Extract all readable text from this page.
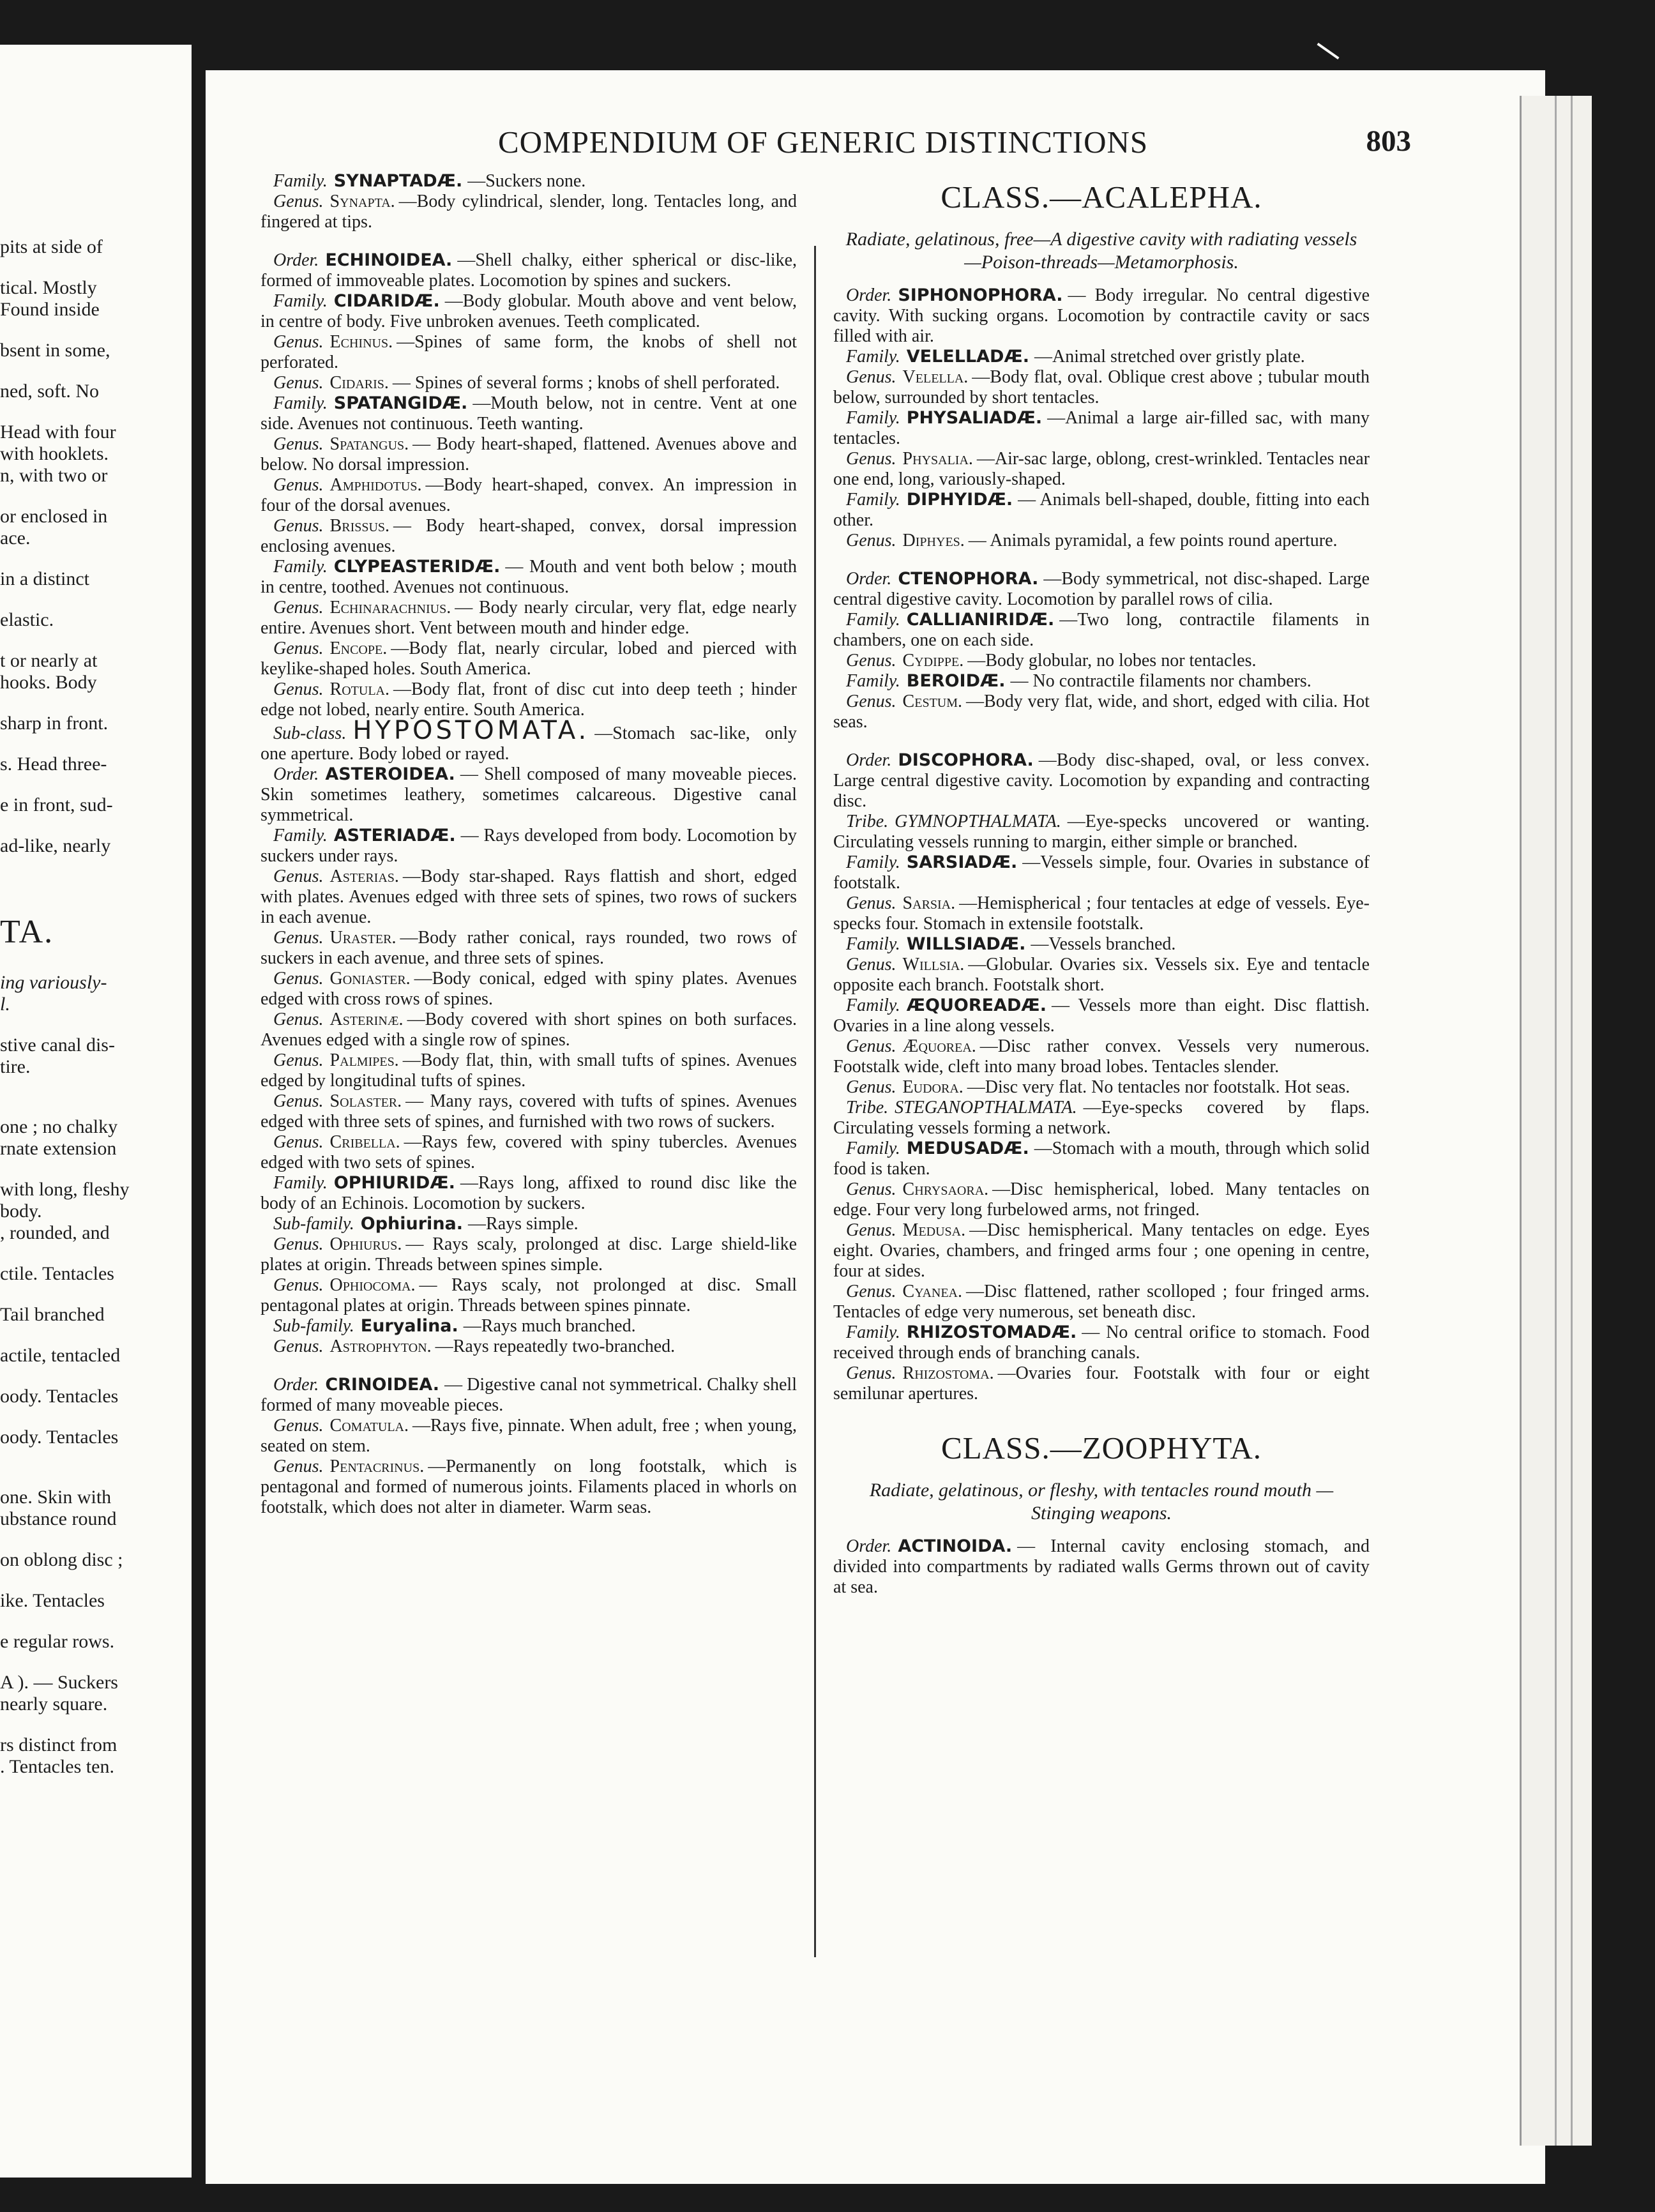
pits at side of
tical. Mostly
Found inside
bsent in some,
ned, soft. No
Head with four
with hooklets.
n, with two or
or enclosed in
ace.
in a distinct
elastic.
t or nearly at
hooks. Body
sharp in front.
s. Head three-
e in front, sud-
ad-like, nearly
TA.
ing variously-
l.
stive canal dis-
tire.
one ; no chalky
rnate extension
with long, fleshy
body.
, rounded, and
ctile. Tentacles
Tail branched
actile, tentacled
oody. Tentacles
oody. Tentacles
one. Skin with
ubstance round
on oblong disc ;
ike. Tentacles
e regular rows.
A ). — Suckers
nearly square.
rs distinct from
. Tentacles ten.
COMPENDIUM OF GENERIC DISTINCTIONS	803

Family. SYNAPTADÆ. —Suckers none.

Genus. Synapta. —Body cylindrical, slender, long. Tentacles long, and fingered at tips.

Order. ECHINOIDEA. —Shell chalky, either spherical or disc-like, formed of immoveable plates. Locomotion by spines and suckers.

Family. CIDARIDÆ. —Body globular. Mouth above and vent below, in centre of body. Five unbroken avenues. Teeth complicated.

Genus. Echinus. —Spines of same form, the knobs of shell not perforated.

Genus. Cidaris. — Spines of several forms ; knobs of shell perforated.

Family. SPATANGIDÆ. —Mouth below, not in centre. Vent at one side. Avenues not continuous. Teeth wanting.

Genus. Spatangus. — Body heart-shaped, flattened. Avenues above and below. No dorsal impression.

Genus. Amphidotus. —Body heart-shaped, convex. An impression in four of the dorsal avenues.

Genus. Brissus. — Body heart-shaped, convex, dorsal impression enclosing avenues.

Family. CLYPEASTERIDÆ. — Mouth and vent both below ; mouth in centre, toothed. Avenues not continuous.

Genus. Echinarachnius. — Body nearly circular, very flat, edge nearly entire. Avenues short. Vent between mouth and hinder edge.

Genus. Encope. —Body flat, nearly circular, lobed and pierced with keylike-shaped holes. South America.

Genus. Rotula. —Body flat, front of disc cut into deep teeth ; hinder edge not lobed, nearly entire. South America.

Sub-class. HYPOSTOMATA. —Stomach sac-like, only one aperture. Body lobed or rayed.

Order. ASTEROIDEA. — Shell composed of many moveable pieces. Skin sometimes leathery, sometimes calcareous. Digestive canal symmetrical.

Family. ASTERIADÆ. — Rays developed from body. Locomotion by suckers under rays.

Genus. Asterias. —Body star-shaped. Rays flattish and short, edged with plates. Avenues edged with three sets of spines, two rows of suckers in each avenue.

Genus. Uraster. —Body rather conical, rays rounded, two rows of suckers in each avenue, and three sets of spines.

Genus. Goniaster. —Body conical, edged with spiny plates. Avenues edged with cross rows of spines.

Genus. Asterinæ. —Body covered with short spines on both surfaces. Avenues edged with a single row of spines.

Genus. Palmipes. —Body flat, thin, with small tufts of spines. Avenues edged by longitudinal tufts of spines.

Genus. Solaster. — Many rays, covered with tufts of spines. Avenues edged with three sets of spines, and furnished with two rows of suckers.

Genus. Cribella. —Rays few, covered with spiny tubercles. Avenues edged with two sets of spines.

Family. OPHIURIDÆ. —Rays long, affixed to round disc like the body of an Echinois. Locomotion by suckers.

Sub-family. Ophiurina. —Rays simple.

Genus. Ophiurus. — Rays scaly, prolonged at disc. Large shield-like plates at origin. Threads between spines simple.

Genus. Ophiocoma. — Rays scaly, not prolonged at disc. Small pentagonal plates at origin. Threads between spines pinnate.

Sub-family. Euryalina. —Rays much branched.

Genus. Astrophyton. —Rays repeatedly two-branched.

Order. CRINOIDEA. — Digestive canal not symmetrical. Chalky shell formed of many moveable pieces.

Genus. Comatula. —Rays five, pinnate. When adult, free ; when young, seated on stem.

Genus. Pentacrinus. —Permanently on long footstalk, which is pentagonal and formed of numerous joints. Filaments placed in whorls on footstalk, which does not alter in diameter. Warm seas.

CLASS.—ACALEPHA.
Radiate, gelatinous, free—A digestive cavity with radiating vessels—Poison-threads—Metamorphosis.

Order. SIPHONOPHORA. — Body irregular. No central digestive cavity. With sucking organs. Locomotion by contractile cavity or sacs filled with air.

Family. VELELLADÆ. —Animal stretched over gristly plate.

Genus. Velella. —Body flat, oval. Oblique crest above ; tubular mouth below, surrounded by short tentacles.

Family. PHYSALIADÆ. —Animal a large air-filled sac, with many tentacles.

Genus. Physalia. —Air-sac large, oblong, crest-wrinkled. Tentacles near one end, long, variously-shaped.

Family. DIPHYIDÆ. — Animals bell-shaped, double, fitting into each other.

Genus. Diphyes. — Animals pyramidal, a few points round aperture.

Order. CTENOPHORA. —Body symmetrical, not disc-shaped. Large central digestive cavity. Locomotion by parallel rows of cilia.

Family. CALLIANIRIDÆ. —Two long, contractile filaments in chambers, one on each side.

Genus. Cydippe. —Body globular, no lobes nor tentacles.

Family. BEROIDÆ. — No contractile filaments nor chambers.

Genus. Cestum. —Body very flat, wide, and short, edged with cilia. Hot seas.

Order. DISCOPHORA. —Body disc-shaped, oval, or less convex. Large central digestive cavity. Locomotion by expanding and contracting disc.

Tribe. GYMNOPTHALMATA. —Eye-specks uncovered or wanting. Circulating vessels running to margin, either simple or branched.

Family. SARSIADÆ. —Vessels simple, four. Ovaries in substance of footstalk.

Genus. Sarsia. —Hemispherical ; four tentacles at edge of vessels. Eye-specks four. Stomach in extensile footstalk.

Family. WILLSIADÆ. —Vessels branched.

Genus. Willsia. —Globular. Ovaries six. Vessels six. Eye and tentacle opposite each branch. Footstalk short.

Family. ÆQUOREADÆ. — Vessels more than eight. Disc flattish. Ovaries in a line along vessels.

Genus. Æquorea. —Disc rather convex. Vessels very numerous. Footstalk wide, cleft into many broad lobes. Tentacles slender.

Genus. Eudora. —Disc very flat. No tentacles nor footstalk. Hot seas.

Tribe. STEGANOPTHALMATA. —Eye-specks covered by flaps. Circulating vessels forming a network.

Family. MEDUSADÆ. —Stomach with a mouth, through which solid food is taken.

Genus. Chrysaora. —Disc hemispherical, lobed. Many tentacles on edge. Four very long furbelowed arms, not fringed.

Genus. Medusa. —Disc hemispherical. Many tentacles on edge. Eyes eight. Ovaries, chambers, and fringed arms four ; one opening in centre, four at sides.

Genus. Cyanea. —Disc flattened, rather scolloped ; four fringed arms. Tentacles of edge very numerous, set beneath disc.

Family. RHIZOSTOMADÆ. — No central orifice to stomach. Food received through ends of branching canals.

Genus. Rhizostoma. —Ovaries four. Footstalk with four or eight semilunar apertures.

CLASS.—ZOOPHYTA.
Radiate, gelatinous, or fleshy, with tentacles round mouth —Stinging weapons.

Order. ACTINOIDA. — Internal cavity enclosing stomach, and divided into compartments by radiated walls Germs thrown out of cavity at sea.
